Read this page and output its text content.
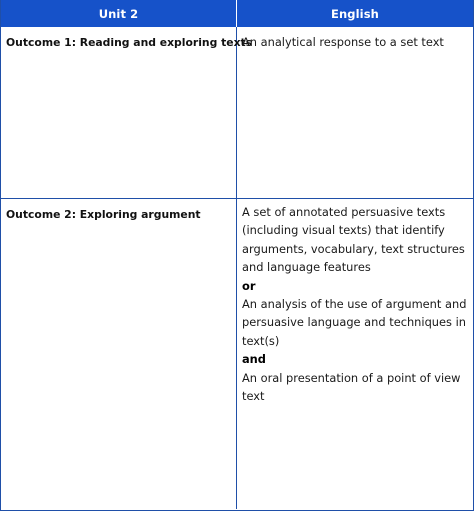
Unit 2	English
Outcome 1: Reading and exploring texts
An analytical response to a set text
Outcome 2: Exploring argument	A set of annotated persuasive texts
(including visual texts) that identify
arguments, vocabulary, text structures
and language features
or
An analysis of the use of argument and
persuasive language and techniques in
text(s)
and
An oral presentation of a point of view
text
